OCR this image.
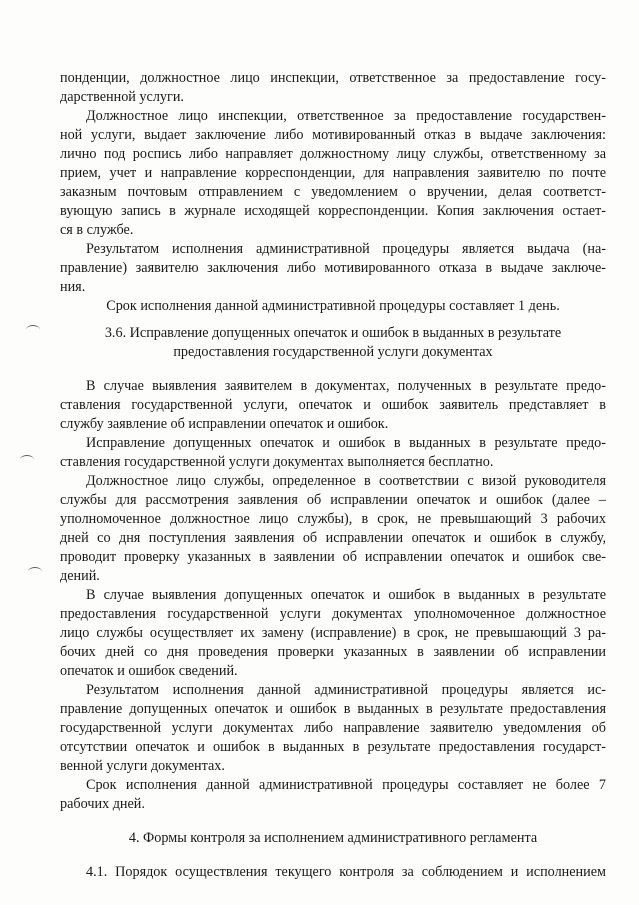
понденции, должностное лицо инспекции, ответственное за предоставление госу-
дарственной услуги.
Должностное лицо инспекции, ответственное за предоставление государствен-
ной услуги, выдает заключение либо мотивированный отказ в выдаче заключения:
лично под роспись либо направляет должностному лицу службы, ответственному за
прием, учет и направление корреспонденции, для направления заявителю по почте
заказным почтовым отправлением с уведомлением о вручении, делая соответст-
вующую запись в журнале исходящей корреспонденции. Копия заключения остает-
ся в службе.
Результатом исполнения административной процедуры является выдача (на-
правление) заявителю заключения либо мотивированного отказа в выдаче заключе-
ния.
Срок исполнения данной административной процедуры составляет 1 день.
3.6. Исправление допущенных опечаток и ошибок в выданных в результате
предоставления государственной услуги документах
В случае выявления заявителем в документах, полученных в результате предо-
ставления государственной услуги, опечаток и ошибок заявитель представляет в
службу заявление об исправлении опечаток и ошибок.
Исправление допущенных опечаток и ошибок в выданных в результате предо-
ставления государственной услуги документах выполняется бесплатно.
Должностное лицо службы, определенное в соответствии с визой руководителя
службы для рассмотрения заявления об исправлении опечаток и ошибок (далее –
уполномоченное должностное лицо службы), в срок, не превышающий 3 рабочих
дней со дня поступления заявления об исправлении опечаток и ошибок в службу,
проводит проверку указанных в заявлении об исправлении опечаток и ошибок све-
дений.
В случае выявления допущенных опечаток и ошибок в выданных в результате
предоставления государственной услуги документах уполномоченное должностное
лицо службы осуществляет их замену (исправление) в срок, не превышающий 3 ра-
бочих дней со дня проведения проверки указанных в заявлении об исправлении
опечаток и ошибок сведений.
Результатом исполнения данной административной процедуры является ис-
правление допущенных опечаток и ошибок в выданных в результате предоставления
государственной услуги документах либо направление заявителю уведомления об
отсутствии опечаток и ошибок в выданных в результате предоставления государст-
венной услуги документах.
Срок исполнения данной административной процедуры составляет не более 7
рабочих дней.
4. Формы контроля за исполнением административного регламента
4.1. Порядок осуществления текущего контроля за соблюдением и исполнением
